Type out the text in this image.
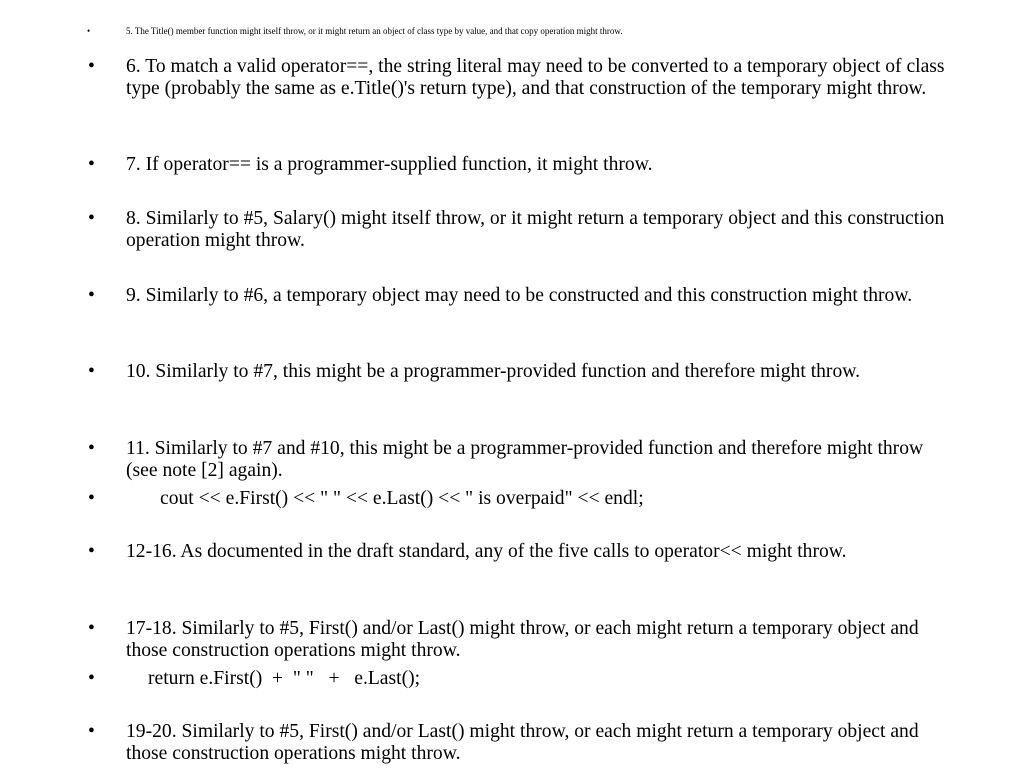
•	5. The Title() member function might itself throw, or it might return an object of class type by value, and that copy operation might throw.
• 6. To match a valid operator==, the string literal may need to be converted to a temporary object of class type (probably the same as e.Title()'s return type), and that construction of the temporary might throw.
• 7. If operator== is a programmer-supplied function, it might throw.
• 8. Similarly to #5, Salary() might itself throw, or it might return a temporary object and this construction operation might throw.
• 9. Similarly to #6, a temporary object may need to be constructed and this construction might throw.
• 10. Similarly to #7, this might be a programmer-provided function and therefore might throw.
• 11. Similarly to #7 and #10, this might be a programmer-provided function and therefore might throw (see note [2] again).
•	cout << e.First() << " " << e.Last() << " is overpaid" << endl;
• 12-16. As documented in the draft standard, any of the five calls to operator<< might throw.
• 17-18. Similarly to #5, First() and/or Last() might throw, or each might return a temporary object and those construction operations might throw.
•	return e.First()  +  " "   +   e.Last();
• 19-20. Similarly to #5, First() and/or Last() might throw, or each might return a temporary object and those construction operations might throw.
